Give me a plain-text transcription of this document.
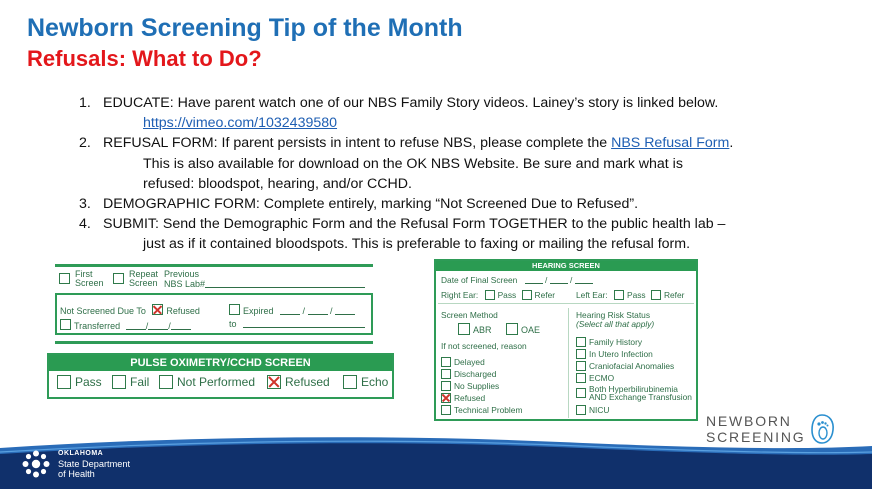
Newborn Screening Tip of the Month
Refusals: What to Do?
1. EDUCATE: Have parent watch one of our NBS Family Story videos. Lainey’s story is linked below.
https://vimeo.com/1032439580
2. REFUSAL FORM: If parent persists in intent to refuse NBS, please complete the NBS Refusal Form.
This is also available for download on the OK NBS Website. Be sure and mark what is
refused: bloodspot, hearing, and/or CCHD.
3. DEMOGRAPHIC FORM: Complete entirely, marking “Not Screened Due to Refused”.
4. SUBMIT: Send the Demographic Form and the Refusal Form TOGETHER to the public health lab –
just as if it contained bloodspots. This is preferable to faxing or mailing the refusal form.
First
Screen
Repeat
Screen
Previous
NBS Lab#
Not Screened Due To Refused	Expired	/  /
Transferred	/ /	to
PULSE OXIMETRY/CCHD SCREEN
Pass	Fail	Not Performed	Refused	Echo
HEARING SCREEN
Date of Final Screen	/  /
Right Ear: Pass Refer Left Ear: Pass Refer
Screen Method
ABR	OAE
If not screened, reason
Delayed
Discharged
No Supplies
Refused
Technical Problem
Hearing Risk Status
(Select all that apply)
Family History
In Utero Infection
Craniofacial Anomalies
ECMO
Both Hyperbilirubinemia
AND Exchange Transfusion
NICU
NEWBORN
SCREENING
OKLAHOMA
State Department
of Health
